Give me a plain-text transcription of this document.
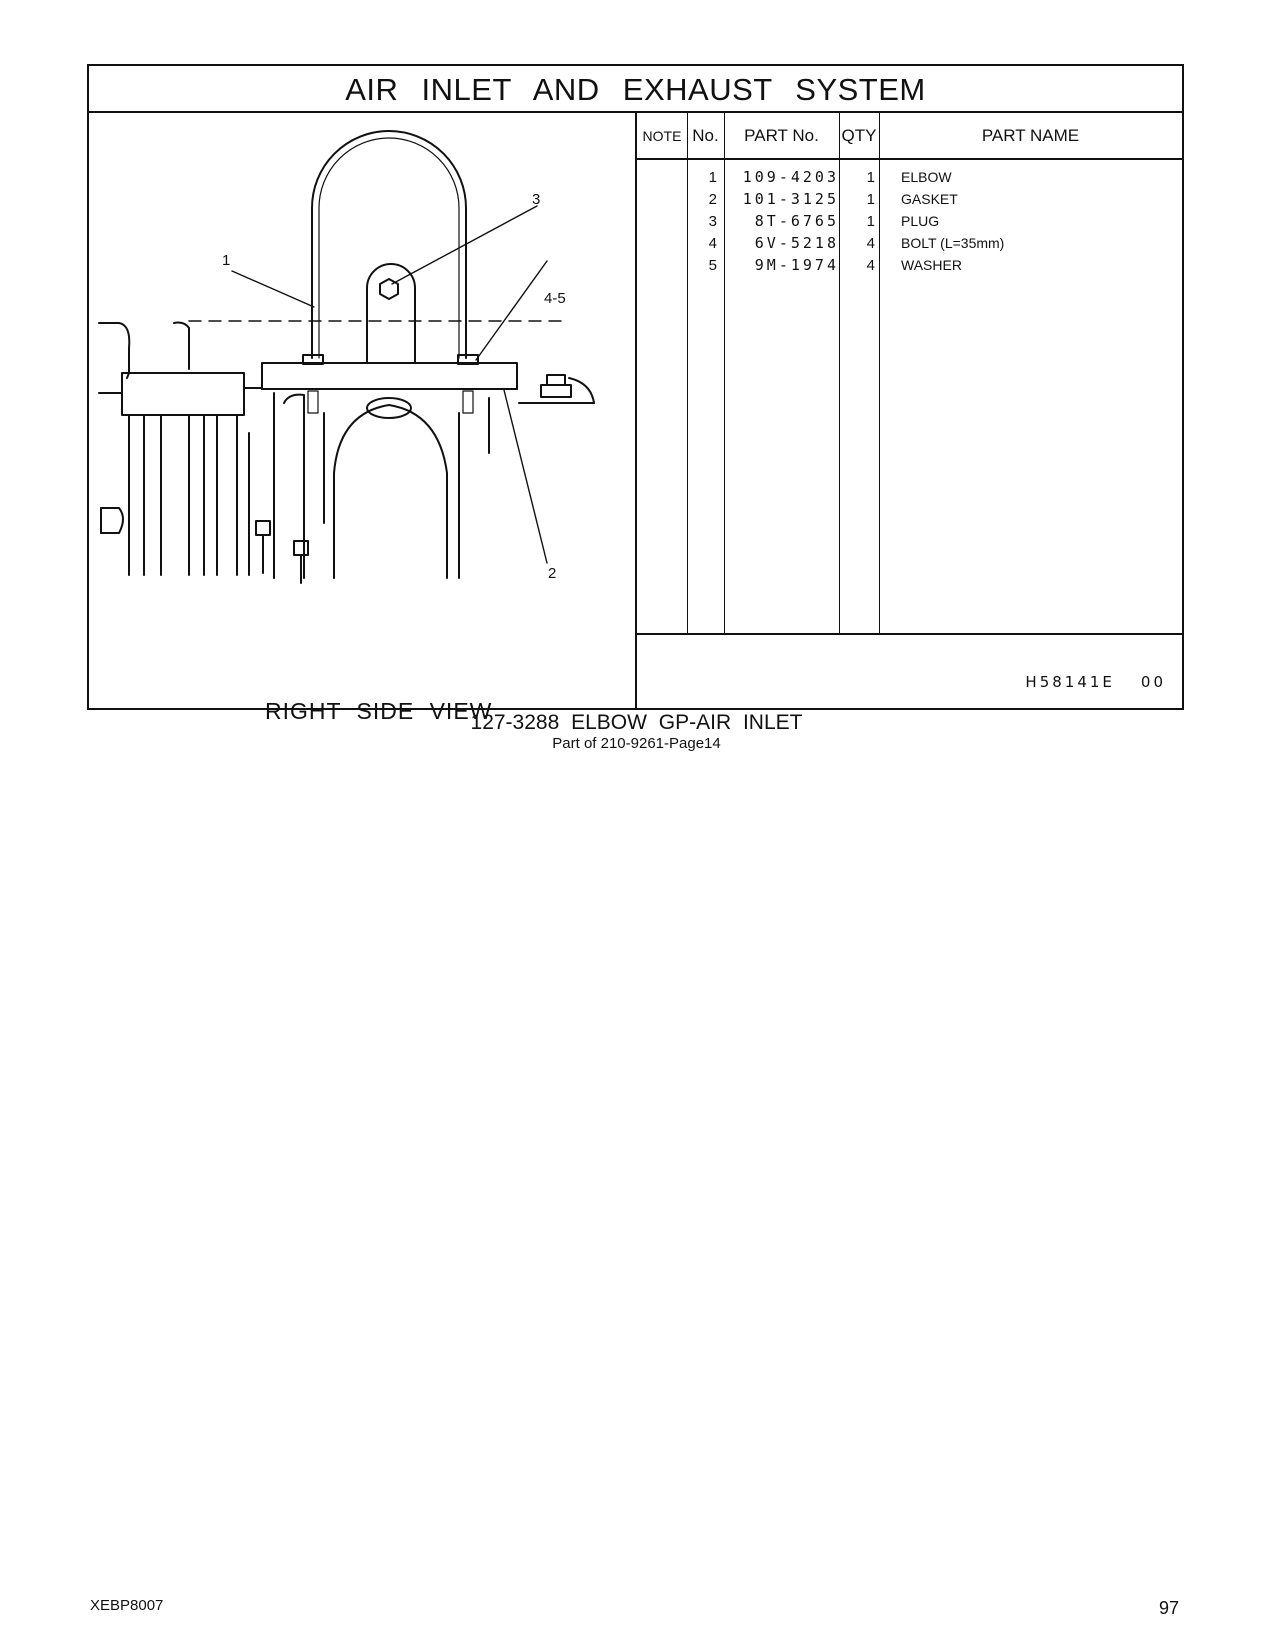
AIR INLET AND EXHAUST SYSTEM
1
3
4-5
2
RIGHT SIDE VIEW
NOTE No.	PART No.	QTY	PART NAME
1	109-4203	1 ELBOW
2	101-3125	1 GASKET
3	8T-6765	1 PLUG
4	6V-5218	4 BOLT (L=35mm)
5	9M-1974	4 WASHER
H58141E 00
127-3288 ELBOW GP-AIR INLET
Part of 210-9261-Page14
XEBP8007	97
